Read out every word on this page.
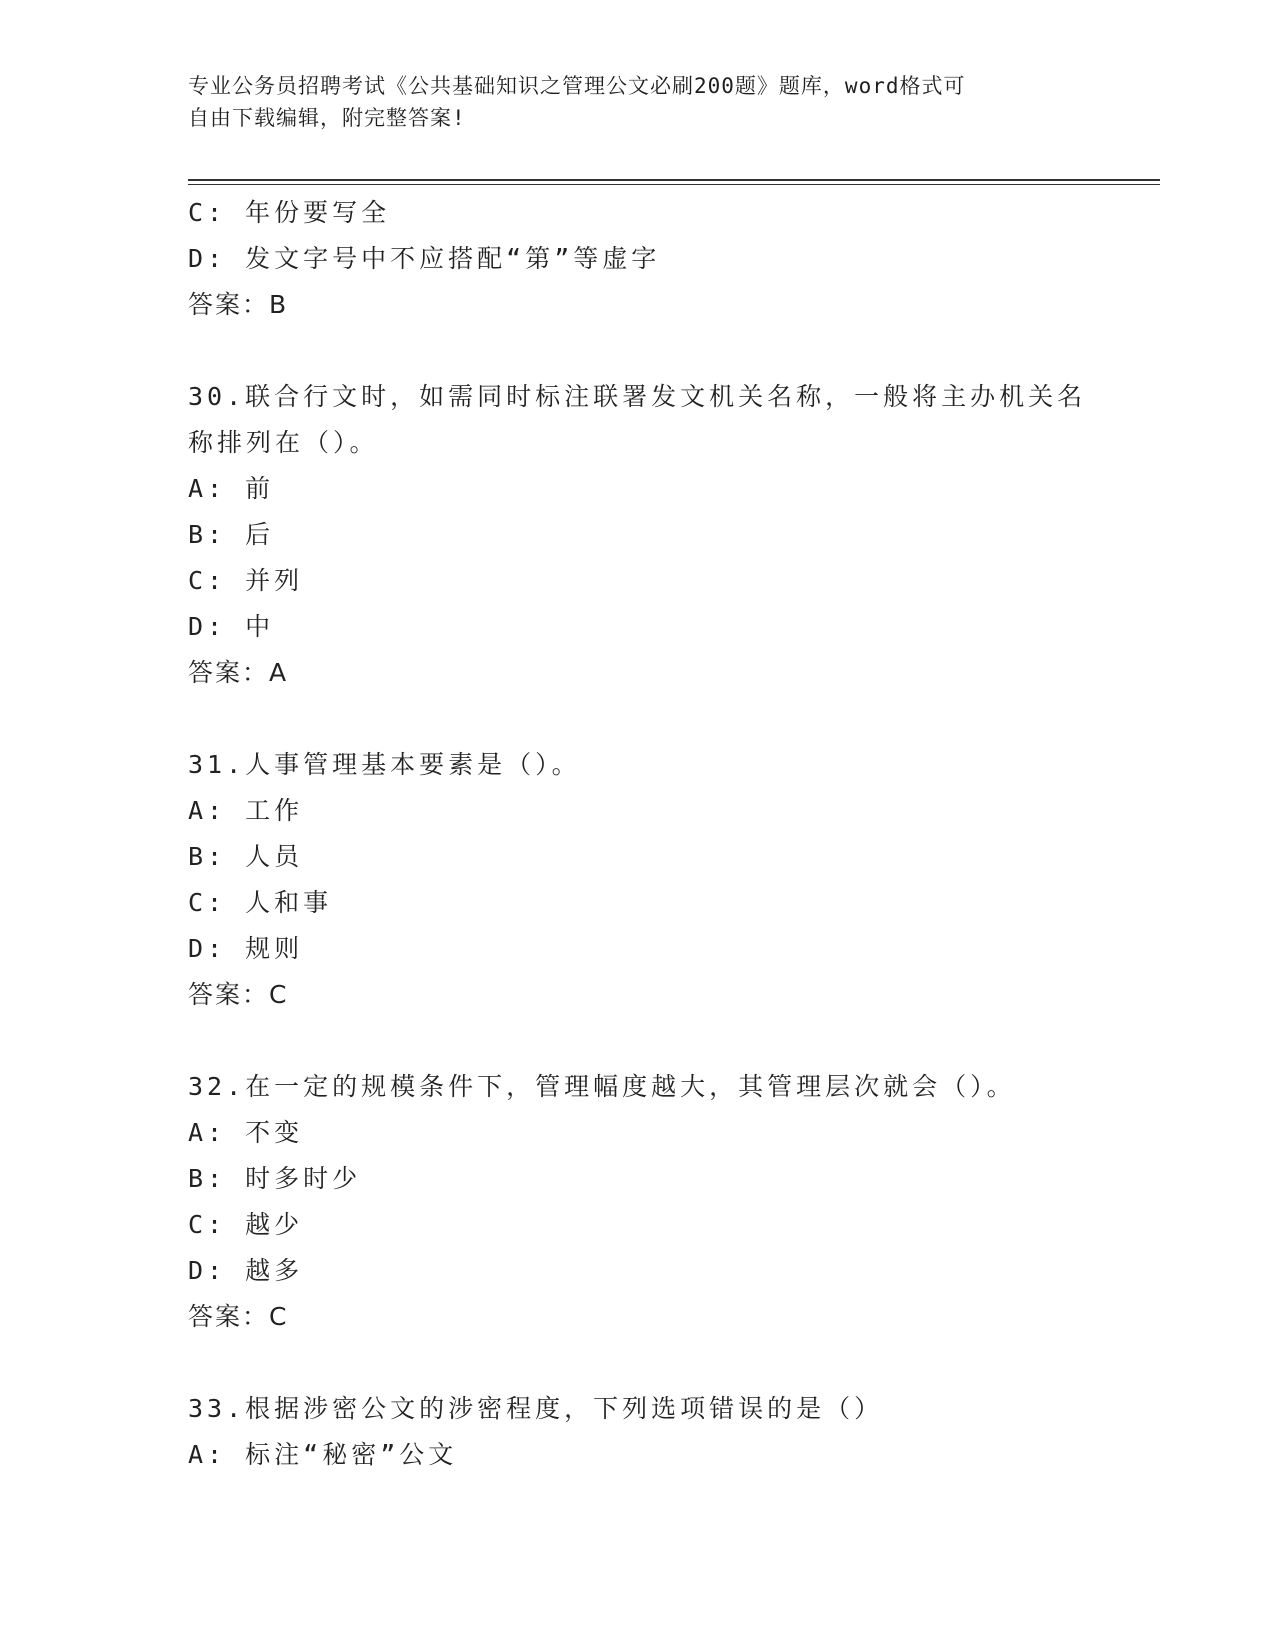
专业公务员招聘考试《公共基础知识之管理公文必刷200题》题库，word格式可
自由下载编辑，附完整答案!
C: 年份要写全
D: 发文字号中不应搭配“第”等虚字
答案：B
30.联合行文时，如需同时标注联署发文机关名称，一般将主办机关名
称排列在（）。
A: 前
B: 后
C: 并列
D: 中
答案：A
31.人事管理基本要素是（）。
A: 工作
B: 人员
C: 人和事
D: 规则
答案：C
32.在一定的规模条件下，管理幅度越大，其管理层次就会（）。
A: 不变
B: 时多时少
C: 越少
D: 越多
答案：C
33.根据涉密公文的涉密程度，下列选项错误的是（）
A: 标注“秘密”公文
